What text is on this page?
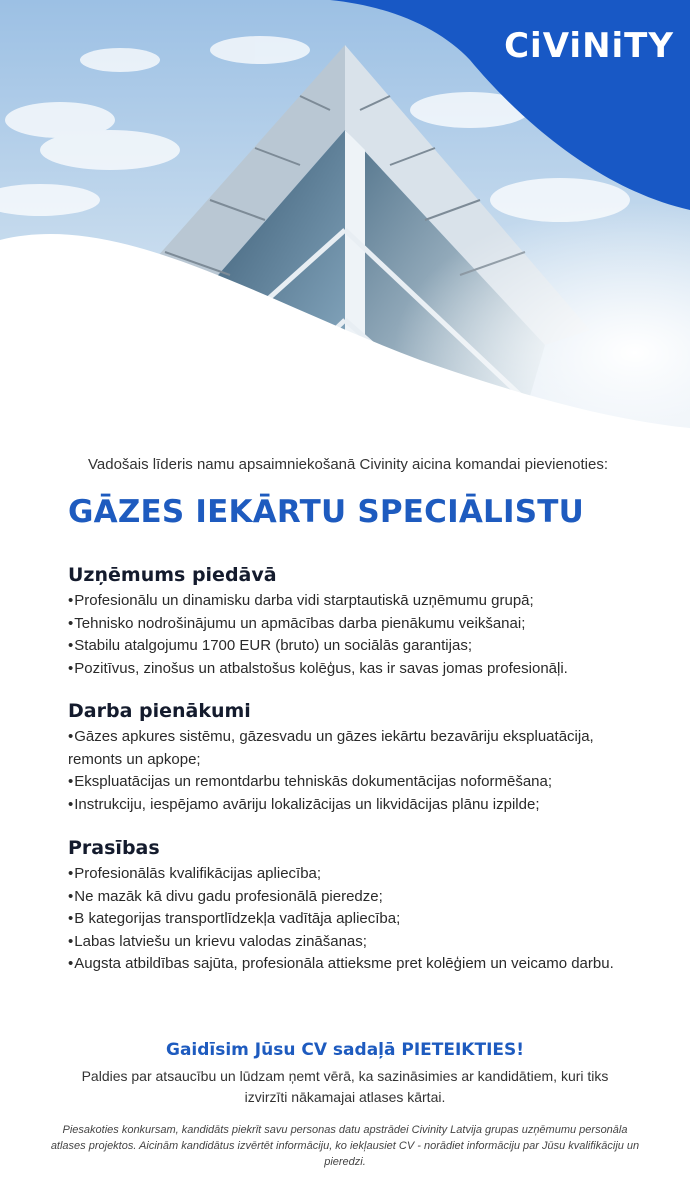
CiViNiTY
Vadošais līderis namu apsaimniekošanā Civinity aicina komandai pievienoties:
GĀZES IEKĀRTU SPECIĀLISTU
Uzņēmums piedāvā
• Profesionālu un dinamisku darba vidi starptautiskā uzņēmumu grupā;
• Tehnisko nodrošinājumu un apmācības darba pienākumu veikšanai;
• Stabilu atalgojumu 1700 EUR (bruto) un sociālās garantijas;
• Pozitīvus, zinošus un atbalstošus kolēģus, kas ir savas jomas profesionāļi.
Darba pienākumi
• Gāzes apkures sistēmu, gāzesvadu un gāzes iekārtu bezavāriju ekspluatācija, remonts un apkope;
• Ekspluatācijas un remontdarbu tehniskās dokumentācijas noformēšana;
• Instrukciju, iespējamo avāriju lokalizācijas un likvidācijas plānu izpilde;
Prasības
• Profesionālās kvalifikācijas apliecība;
• Ne mazāk kā divu gadu profesionālā pieredze;
• B kategorijas transportlīdzekļa vadītāja apliecība;
• Labas latviešu un krievu valodas zināšanas;
• Augsta atbildības sajūta, profesionāla attieksme pret kolēģiem un veicamo darbu.
Gaidīsim Jūsu CV sadaļā PIETEIKTIES!
Paldies par atsaucību un lūdzam ņemt vērā, ka sazināsimies ar kandidātiem, kuri tiks izvirzīti nākamajai atlases kārtai.
Piesakoties konkursam, kandidāts piekrīt savu personas datu apstrādei Civinity Latvija grupas uzņēmumu personāla atlases projektos. Aicinām kandidātus izvērtēt informāciju, ko iekļausiet CV - norādiet informāciju par Jūsu kvalifikāciju un pieredzi.
